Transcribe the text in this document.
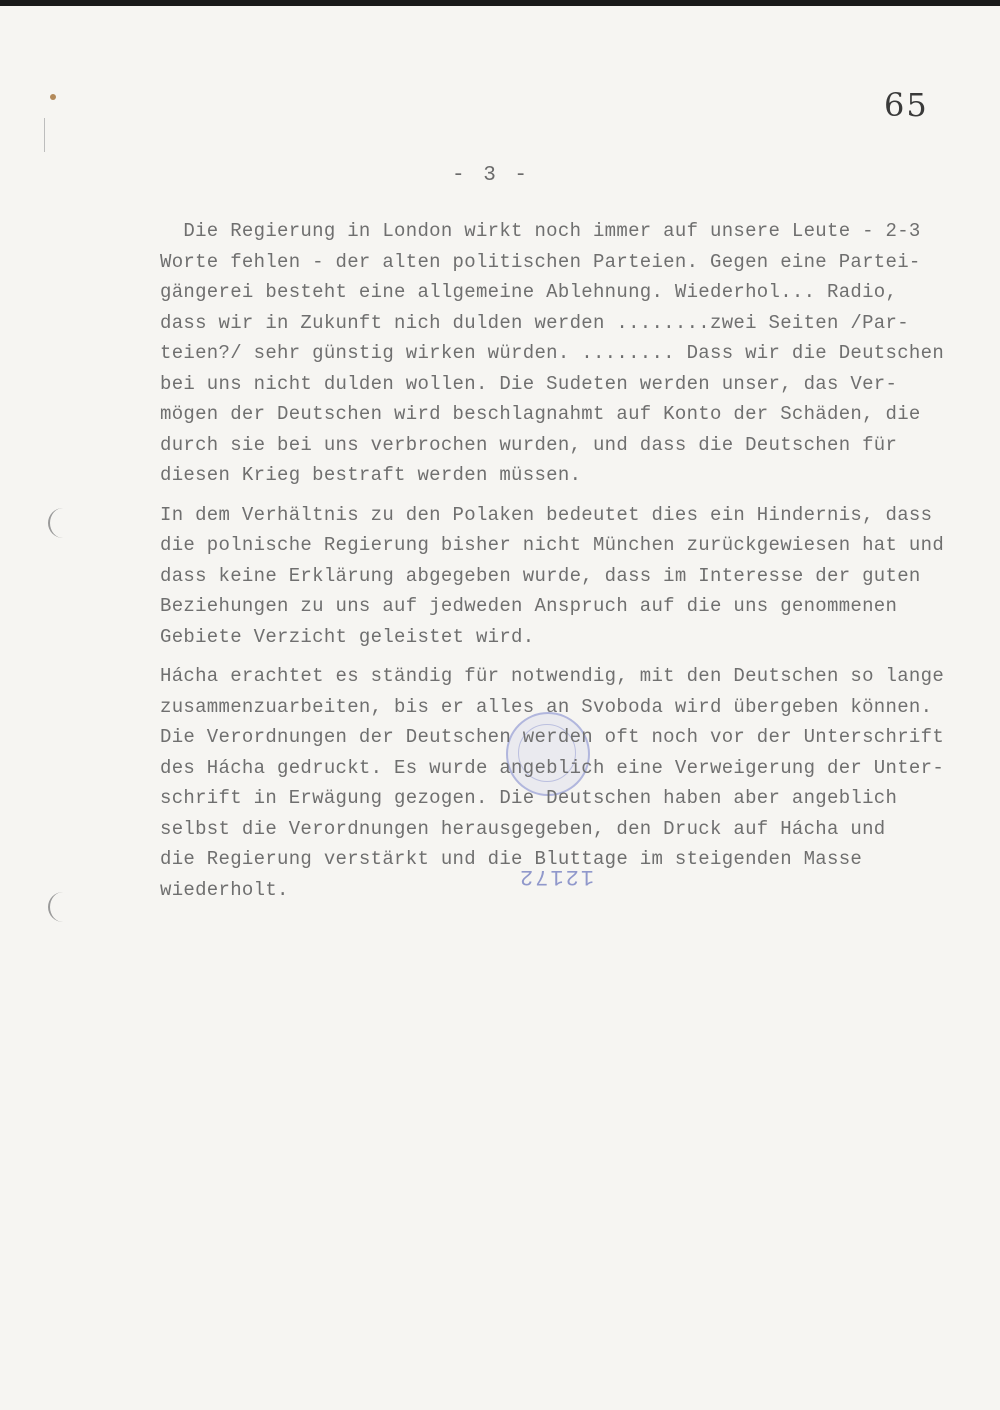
65
- 3 -
12172
Die Regierung in London wirkt noch immer auf unsere Leute - 2-3
Worte fehlen - der alten politischen Parteien. Gegen eine Partei-
gängerei besteht eine allgemeine Ablehnung. Wiederhol... Radio,
dass wir in Zukunft nich dulden werden ........zwei Seiten /Par-
teien?/ sehr günstig wirken würden. ........ Dass wir die Deutschen
bei uns nicht dulden wollen. Die Sudeten werden unser, das Ver-
mögen der Deutschen wird beschlagnahmt auf Konto der Schäden, die
durch sie bei uns verbrochen wurden, und dass die Deutschen für
diesen Krieg bestraft werden müssen.
In dem Verhältnis zu den Polaken bedeutet dies ein Hindernis, dass
die polnische Regierung bisher nicht München zurückgewiesen hat und
dass keine Erklärung abgegeben wurde, dass im Interesse der guten
Beziehungen zu uns auf jedweden Anspruch auf die uns genommenen
Gebiete Verzicht geleistet wird.
Hácha erachtet es ständig für notwendig, mit den Deutschen so lange
zusammenzuarbeiten, bis er alles an Svoboda wird übergeben können.
Die Verordnungen der Deutschen werden oft noch vor der Unterschrift
des Hácha gedruckt. Es wurde angeblich eine Verweigerung der Unter-
schrift in Erwägung gezogen. Die Deutschen haben aber angeblich
selbst die Verordnungen herausgegeben, den Druck auf Hácha und
die Regierung verstärkt und die Bluttage im steigenden Masse
wiederholt.
